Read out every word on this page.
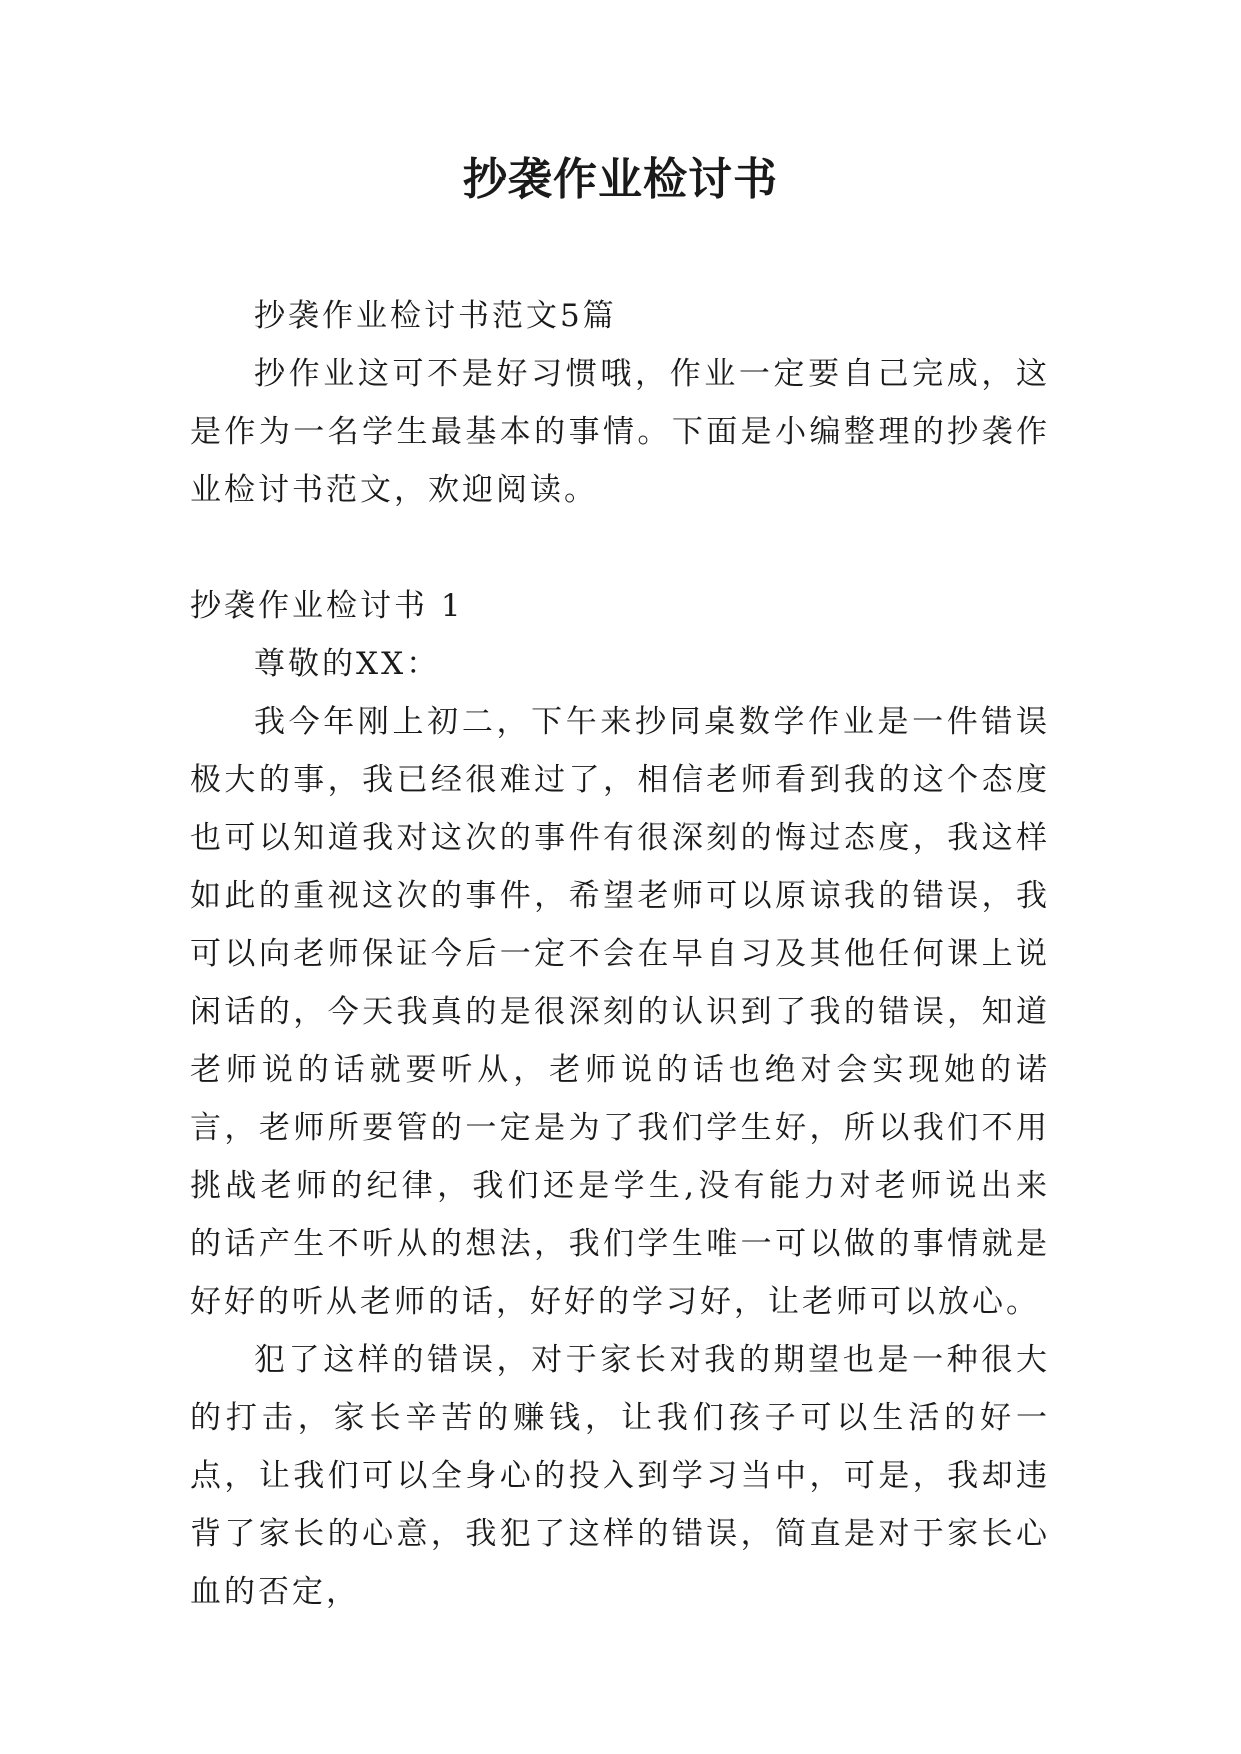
抄袭作业检讨书

抄袭作业检讨书范文5篇

抄作业这可不是好习惯哦，作业一定要自己完成，这是作为一名学生最基本的事情。下面是小编整理的抄袭作业检讨书范文，欢迎阅读。

抄袭作业检讨书 1

尊敬的XX：

我今年刚上初二，下午来抄同桌数学作业是一件错误极大的事，我已经很难过了，相信老师看到我的这个态度也可以知道我对这次的事件有很深刻的悔过态度，我这样如此的重视这次的事件，希望老师可以原谅我的错误，我可以向老师保证今后一定不会在早自习及其他任何课上说闲话的，今天我真的是很深刻的认识到了我的错误，知道老师说的话就要听从，老师说的话也绝对会实现她的诺言，老师所要管的一定是为了我们学生好，所以我们不用挑战老师的纪律，我们还是学生,没有能力对老师说出来的话产生不听从的想法，我们学生唯一可以做的事情就是好好的听从老师的话，好好的学习好，让老师可以放心。

犯了这样的错误，对于家长对我的期望也是一种很大的打击，家长辛苦的赚钱，让我们孩子可以生活的好一点，让我们可以全身心的投入到学习当中，可是，我却违背了家长的心意，我犯了这样的错误，简直是对于家长心血的否定，
